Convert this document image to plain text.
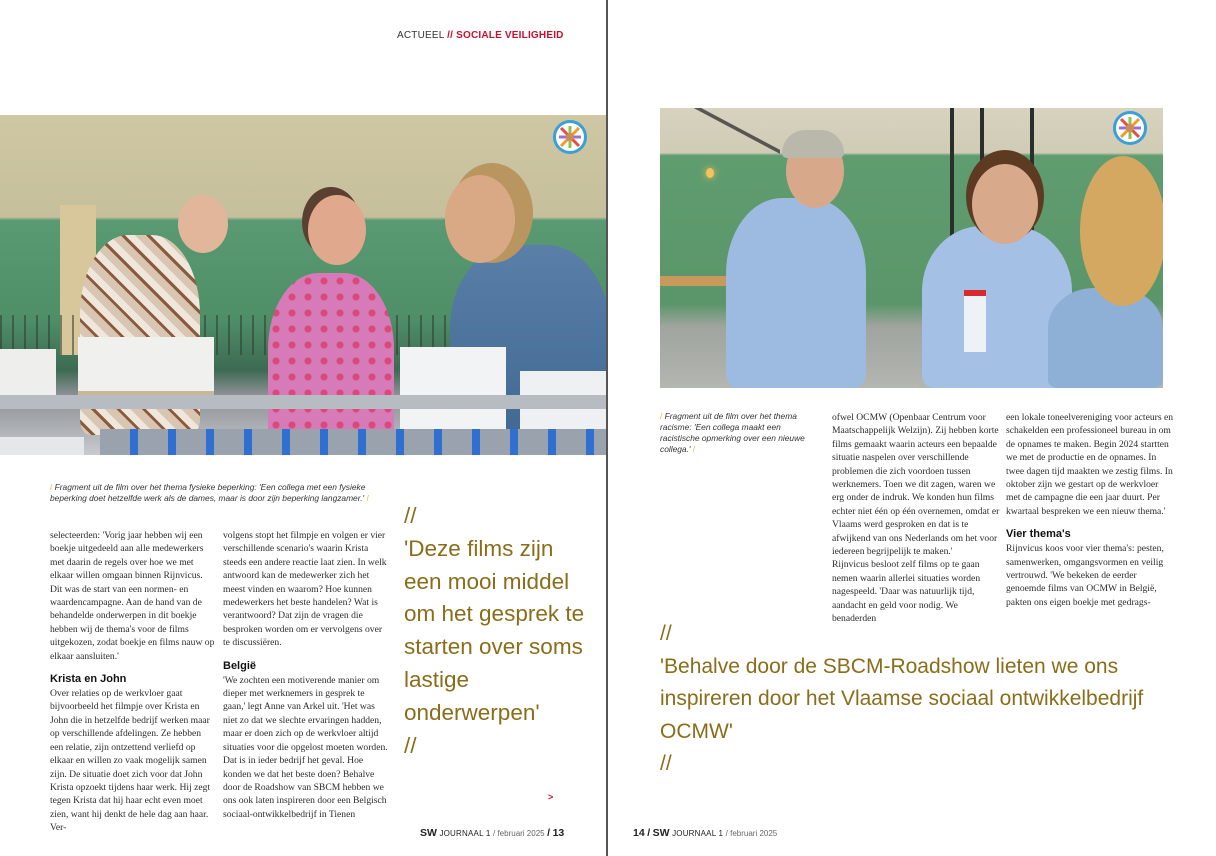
ACTUEEL // SOCIALE VEILIGHEID
/ Fragment uit de film over het thema fysieke beperking: 'Een collega met een fysieke beperking doet hetzelfde werk als de dames, maar is door zijn beperking langzamer.' /

selecteerden: 'Vorig jaar hebben wij een boekje uitgedeeld aan alle medewerkers met daarin de regels over hoe we met elkaar willen omgaan binnen Rijnvicus. Dit was de start van een normen- en waardencampagne. Aan de hand van de behandelde onderwerpen in dit boekje hebben wij de thema's voor de films uitgekozen, zodat boekje en films nauw op elkaar aansluiten.'

Krista en John

Over relaties op de werkvloer gaat bijvoorbeeld het filmpje over Krista en John die in hetzelfde bedrijf werken maar op verschillende afdelingen. Ze hebben een relatie, zijn ontzettend verliefd op elkaar en willen zo vaak mogelijk samen zijn. De situatie doet zich voor dat John Krista opzoekt tijdens haar werk. Hij zegt tegen Krista dat hij haar echt even moet zien, want hij denkt de hele dag aan haar. Ver-

volgens stopt het filmpje en volgen er vier verschillende scenario's waarin Krista steeds een andere reactie laat zien. In welk antwoord kan de medewerker zich het meest vinden en waarom? Hoe kunnen medewerkers het beste handelen? Wat is verantwoord? Dat zijn de vragen die besproken worden om er vervolgens over te discussiëren.

België

'We zochten een motiverende manier om dieper met werknemers in gesprek te gaan,' legt Anne van Arkel uit. 'Het was niet zo dat we slechte ervaringen hadden, maar er doen zich op de werkvloer altijd situaties voor die opgelost moeten worden. Dat is in ieder bedrijf het geval. Hoe konden we dat het beste doen? Behalve door de Roadshow van SBCM hebben we ons ook laten inspireren door een Belgisch sociaal-ontwikkelbedrijf in Tienen

//
'Deze films zijn een mooi middel om het gesprek te starten over soms lastige onderwerpen'
//
>
SW JOURNAAL 1 / februari 2025 / 13
/ Fragment uit de film over het thema racisme: 'Een collega maakt een racistische opmerking over een nieuwe collega.' /

ofwel OCMW (Openbaar Centrum voor Maatschappelijk Welzijn). Zij hebben korte films gemaakt waarin acteurs een bepaalde situatie naspelen over verschillende problemen die zich voordoen tussen werknemers. Toen we dit zagen, waren we erg onder de indruk. We konden hun films echter niet één op één overnemen, omdat er Vlaams werd gesproken en dat is te afwijkend van ons Nederlands om het voor iedereen begrijpelijk te maken.'

Rijnvicus besloot zelf films op te gaan nemen waarin allerlei situaties worden nagespeeld. 'Daar was natuurlijk tijd, aandacht en geld voor nodig. We benaderden

een lokale toneelvereniging voor acteurs en schakelden een professioneel bureau in om de opnames te maken. Begin 2024 startten we met de productie en de opnames. In twee dagen tijd maakten we zestig films. In oktober zijn we gestart op de werkvloer met de campagne die een jaar duurt. Per kwartaal bespreken we een nieuw thema.'

Vier thema's

Rijnvicus koos voor vier thema's: pesten, samenwerken, omgangsvormen en veilig vertrouwd. 'We bekeken de eerder genoemde films van OCMW in België, pakten ons eigen boekje met gedrags-

//
'Behalve door de SBCM-Roadshow lieten we ons inspireren door het Vlaamse sociaal ontwikkelbedrijf OCMW'
//
14 / SW JOURNAAL 1 / februari 2025
